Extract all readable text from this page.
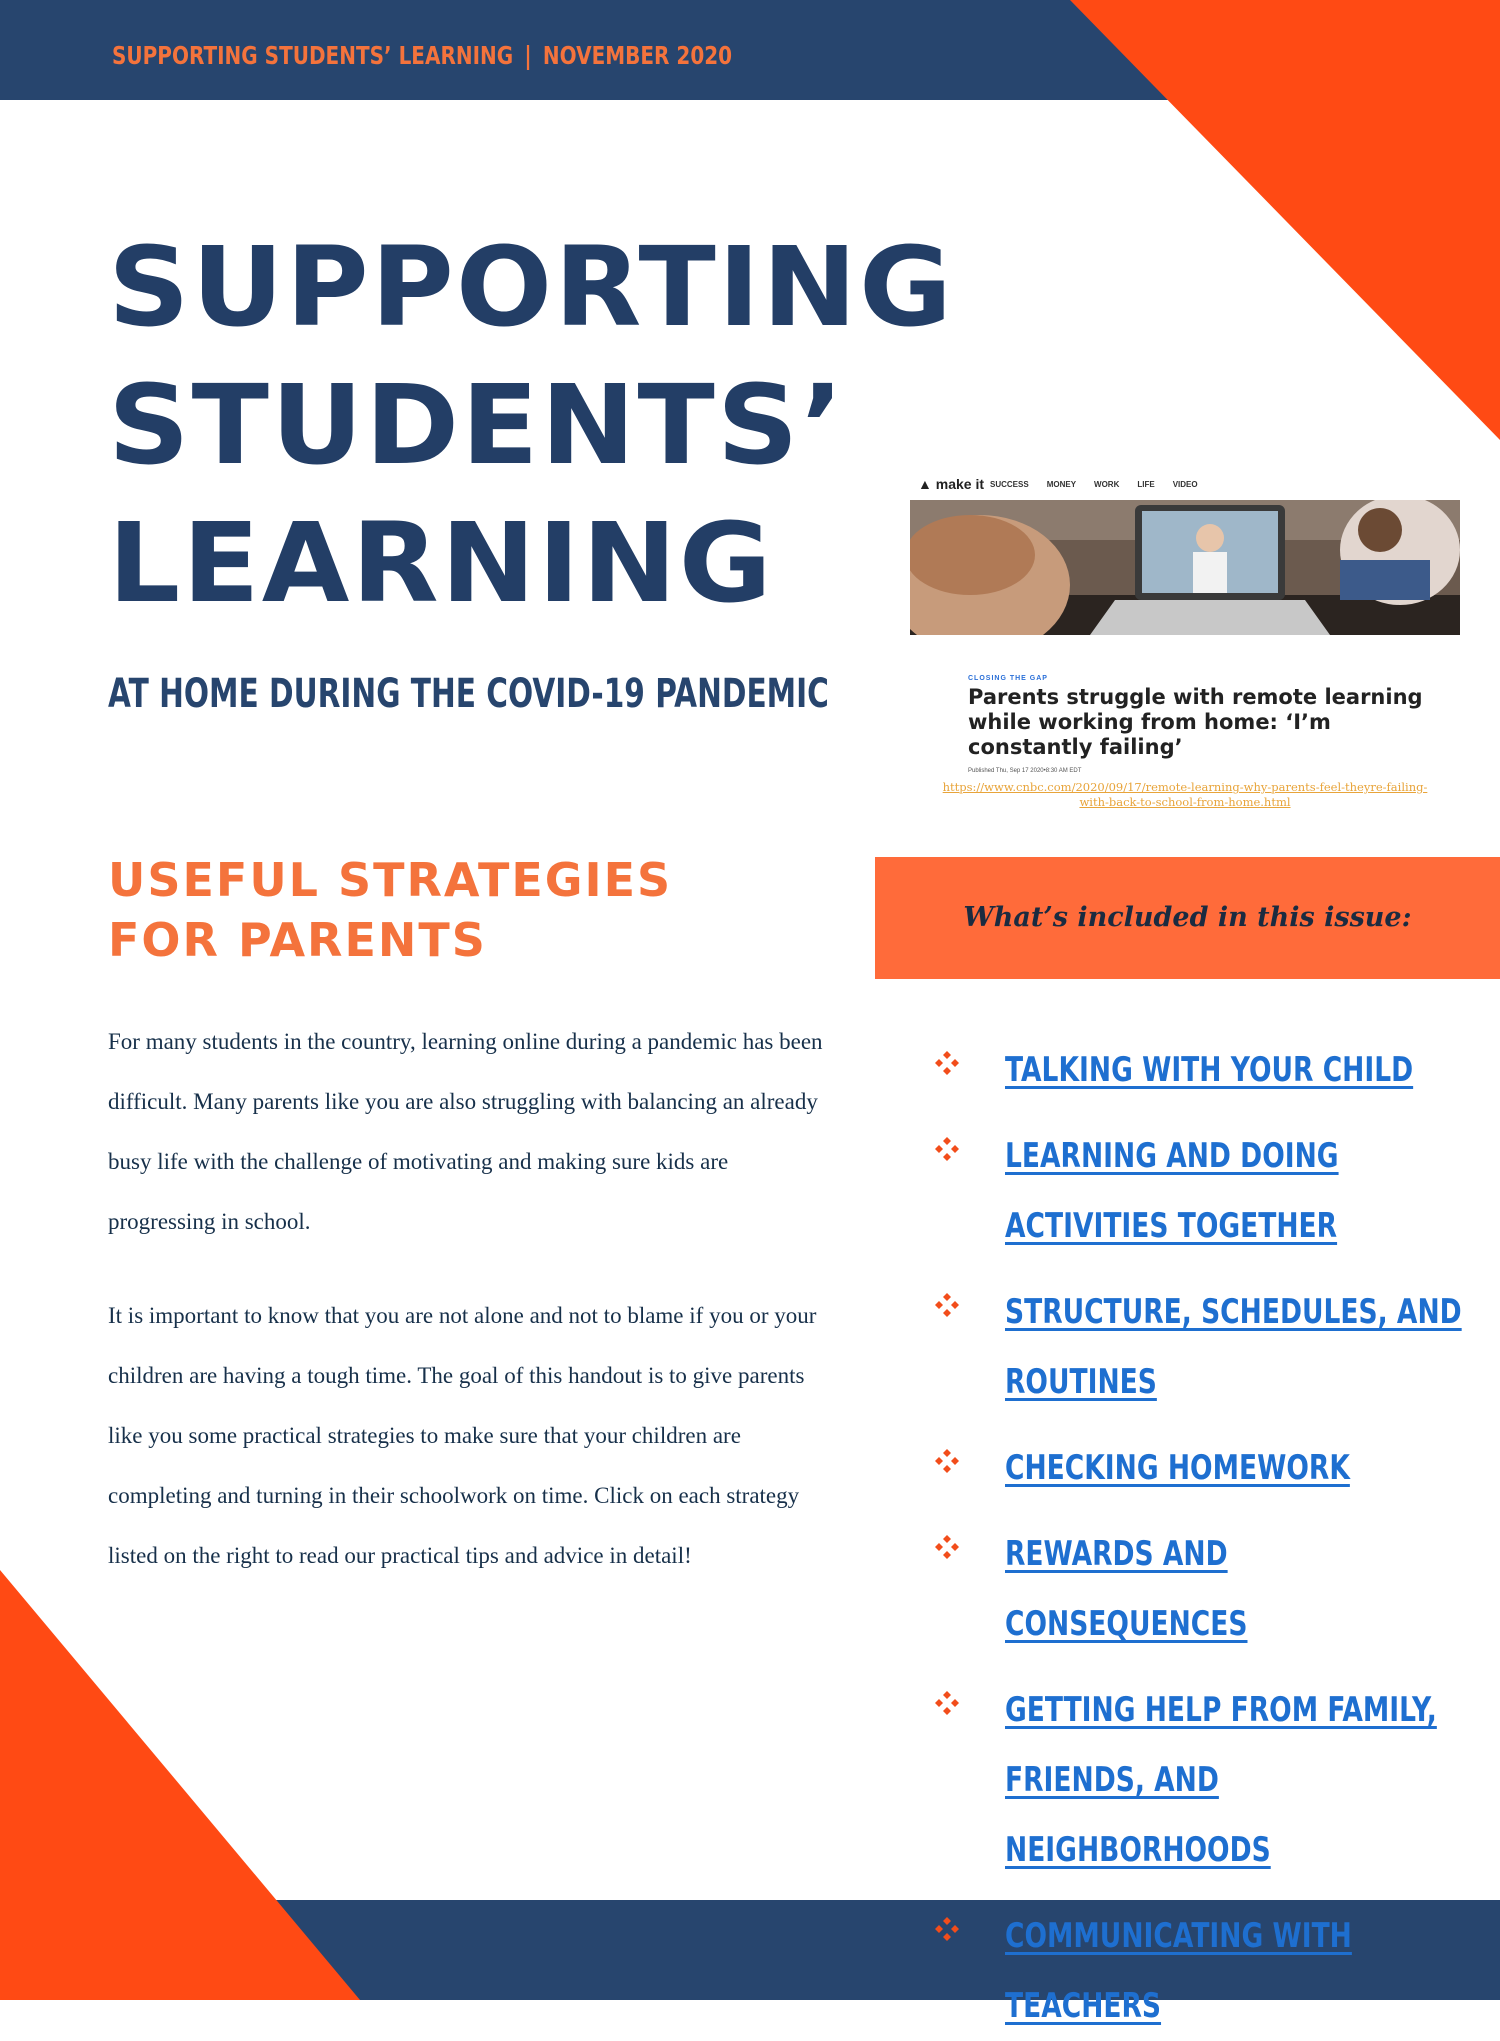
SUPPORTING STUDENTS’ LEARNING | NOVEMBER 2020
SUPPORTING
STUDENTS’
LEARNING
AT HOME DURING THE COVID-19 PANDEMIC
▲ make it SUCCESS MONEY WORK LIFE VIDEO
CLOSING THE GAP
Parents struggle with remote learning while working from home: ‘I’m constantly failing’
Published Thu, Sep 17 2020•8:30 AM EDT
https://www.cnbc.com/2020/09/17/remote-learning-why-parents-feel-theyre-failing-with-back-to-school-from-home.html
USEFUL STRATEGIES
FOR PARENTS
For many students in the country, learning online during a pandemic has been difficult. Many parents like you are also struggling with balancing an already busy life with the challenge of motivating and making sure kids are progressing in school.
It is important to know that you are not alone and not to blame if you or your children are having a tough time. The goal of this handout is to give parents like you some practical strategies to make sure that your children are completing and turning in their schoolwork on time. Click on each strategy listed on the right to read our practical tips and advice in detail!
What’s included in this issue:
TALKING WITH YOUR CHILD
LEARNING AND DOING ACTIVITIES TOGETHER
STRUCTURE, SCHEDULES, AND ROUTINES
CHECKING HOMEWORK
REWARDS AND CONSEQUENCES
GETTING HELP FROM FAMILY, FRIENDS, AND NEIGHBORHOODS
COMMUNICATING WITH TEACHERS
